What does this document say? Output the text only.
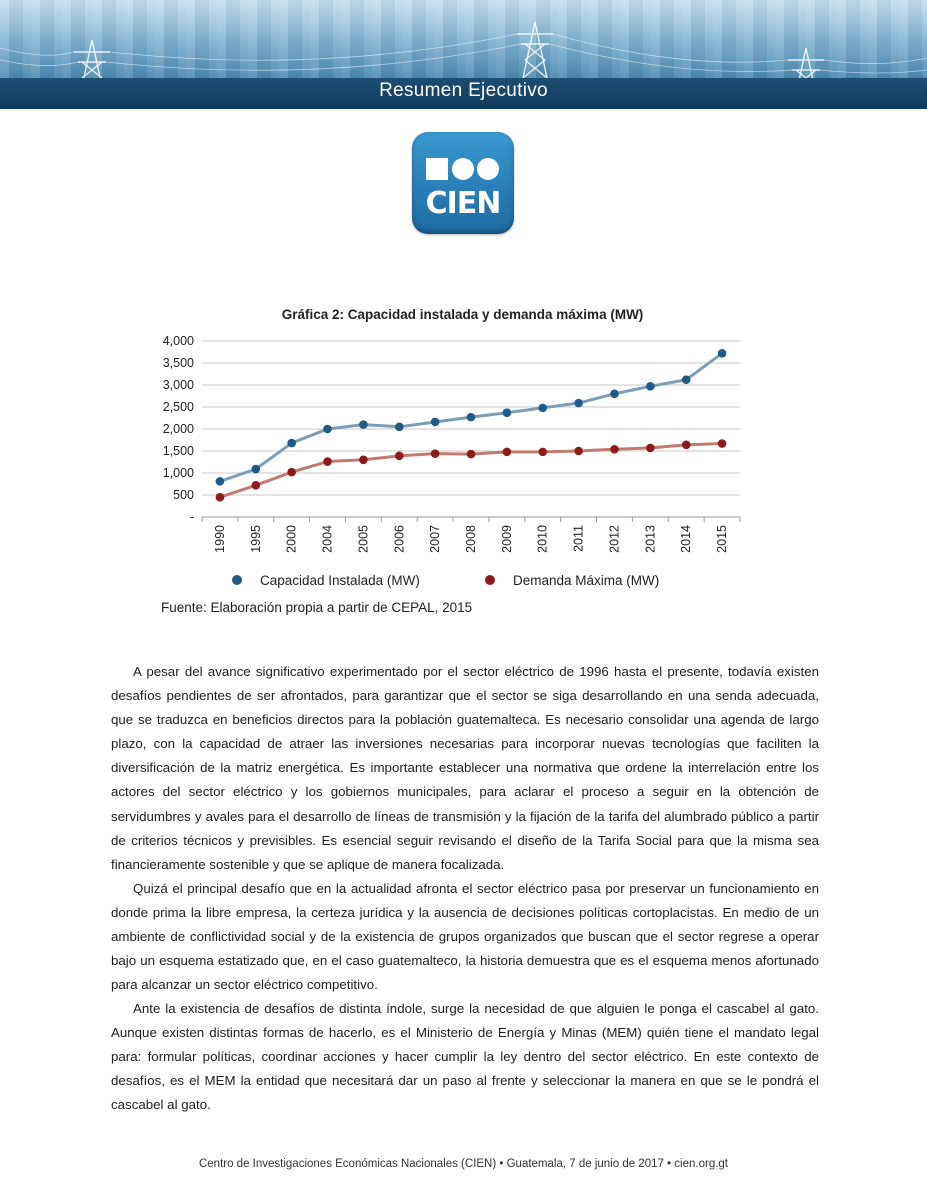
Resumen Ejecutivo
CIEN
Gráfica 2: Capacidad instalada y demanda máxima (MW)
-
500
1,000
1,500
2,000
2,500
3,000
3,500
4,000
1990 1995 2000 2004 2005 2006 2007 2008 2009 2010 2011 2012 2013 2014 2015
Capacidad Instalada (MW)	Demanda Máxima (MW)
Fuente: Elaboración propia a partir de CEPAL, 2015

A pesar del avance significativo experimentado por el sector eléctrico de 1996 hasta el presente, todavía existen desafíos pendientes de ser afrontados, para garantizar que el sector se siga desarrollando en una senda adecuada, que se traduzca en beneficios directos para la población guatemalteca. Es necesario consolidar una agenda de largo plazo, con la capacidad de atraer las inversiones necesarias para incorporar nuevas tecnologías que faciliten la diversificación de la matriz energética. Es importante establecer una normativa que ordene la interrelación entre los actores del sector eléctrico y los gobiernos municipales, para aclarar el proceso a seguir en la obtención de servidumbres y avales para el desarrollo de líneas de transmisión y la fijación de la tarifa del alumbrado público a partir de criterios técnicos y previsibles. Es esencial seguir revisando el diseño de la Tarifa Social para que la misma sea financieramente sostenible y que se aplique de manera focalizada.

Quizá el principal desafío que en la actualidad afronta el sector eléctrico pasa por preservar un funcionamiento en donde prima la libre empresa, la certeza jurídica y la ausencia de decisiones políticas cortoplacistas. En medio de un ambiente de conflictividad social y de la existencia de grupos organizados que buscan que el sector regrese a operar bajo un esquema estatizado que, en el caso guatemalteco, la historia demuestra que es el esquema menos afortunado para alcanzar un sector eléctrico competitivo.

Ante la existencia de desafíos de distinta índole, surge la necesidad de que alguien le ponga el cascabel al gato. Aunque existen distintas formas de hacerlo, es el Ministerio de Energía y Minas (MEM) quién tiene el mandato legal para: formular políticas, coordinar acciones y hacer cumplir la ley dentro del sector eléctrico. En este contexto de desafíos, es el MEM la entidad que necesitará dar un paso al frente y seleccionar la manera en que se le pondrá el cascabel al gato.

Centro de Investigaciones Económicas Nacionales (CIEN) • Guatemala, 7 de junio de 2017 • cien.org.gt
